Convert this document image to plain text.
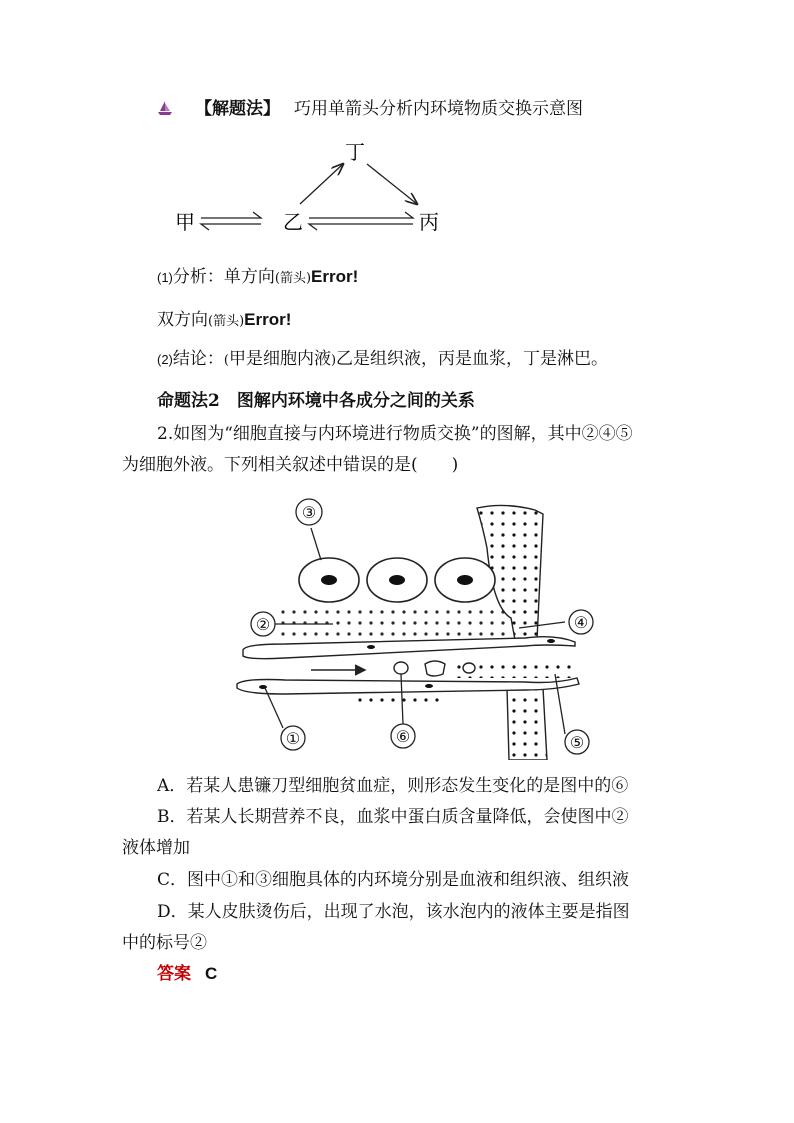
【解题法】 巧用单箭头分析内环境物质交换示意图
甲	乙	丙
丁
(1)分析：单方向(箭头)Error!
双方向(箭头)Error!
(2)结论：(甲是细胞内液)乙是组织液，丙是血浆，丁是淋巴。
命题法2　图解内环境中各成分之间的关系
2.如图为“细胞直接与内环境进行物质交换”的图解，其中②④⑤
为细胞外液。下列相关叙述中错误的是(　　)
③
②	④
⑤
①	⑥
A．若某人患镰刀型细胞贫血症，则形态发生变化的是图中的⑥
B．若某人长期营养不良，血浆中蛋白质含量降低，会使图中②
液体增加
C．图中①和③细胞具体的内环境分别是血液和组织液、组织液
D．某人皮肤烫伤后，出现了水泡，该水泡内的液体主要是指图
中的标号②
答案 C
